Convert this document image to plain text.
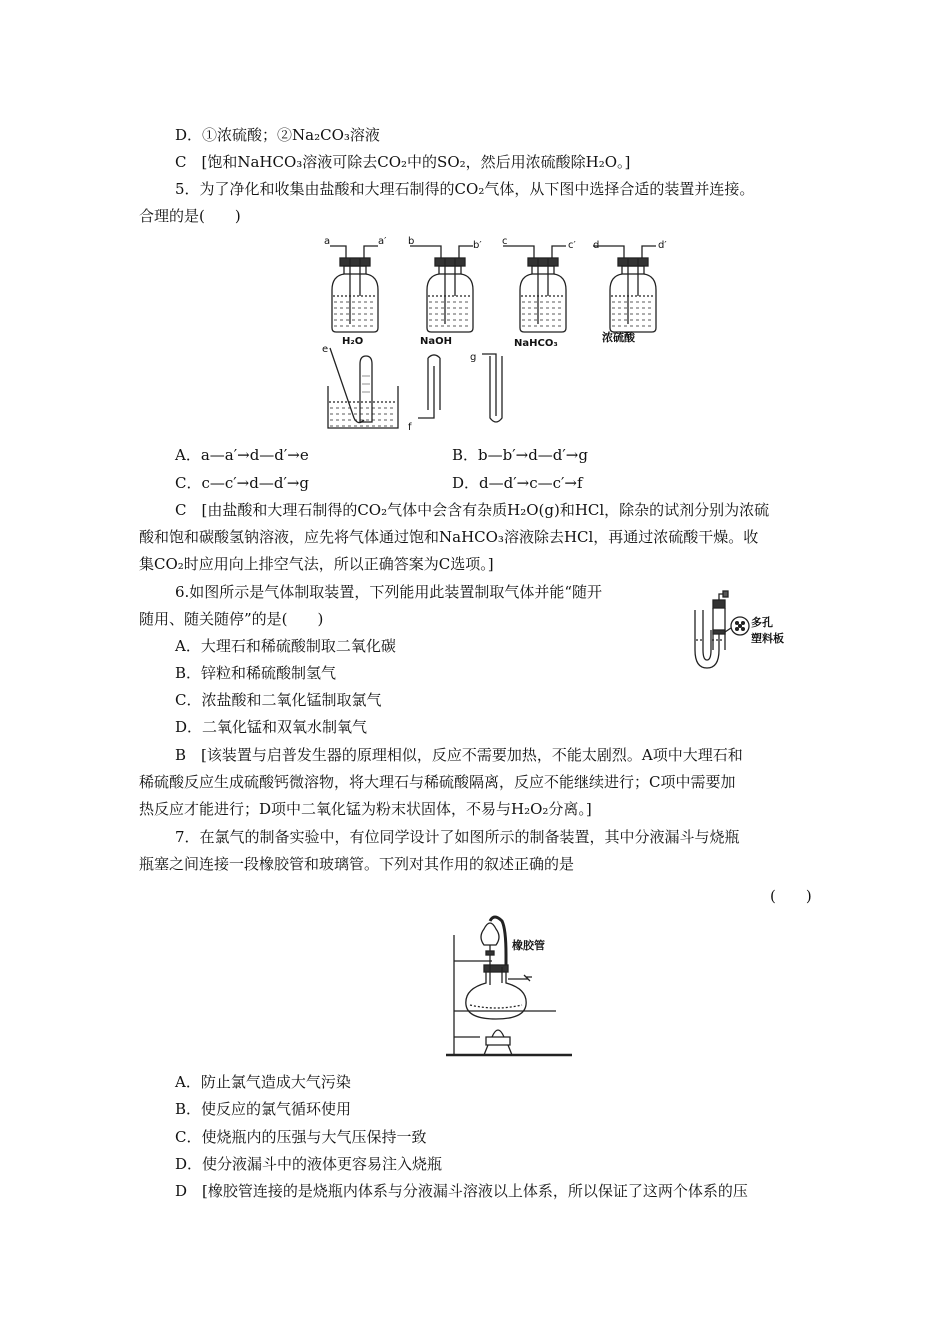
D．①浓硫酸；②Na₂CO₃溶液
C　[饱和NaHCO₃溶液可除去CO₂中的SO₂，然后用浓硫酸除H₂O。]
5．为了净化和收集由盐酸和大理石制得的CO₂气体，从下图中选择合适的装置并连接。
合理的是(　　)
a	a′
H₂O
b	b′
NaOH
c	c′
NaHCO₃
d	d′
浓硫酸
e
f
g
A．a—a′→d—d′→e	B．b—b′→d—d′→g
C．c—c′→d—d′→g	D．d—d′→c—c′→f
C　[由盐酸和大理石制得的CO₂气体中会含有杂质H₂O(g)和HCl，除杂的试剂分别为浓硫
酸和饱和碳酸氢钠溶液，应先将气体通过饱和NaHCO₃溶液除去HCl，再通过浓硫酸干燥。收
集CO₂时应用向上排空气法，所以正确答案为C选项。]
6.如图所示是气体制取装置，下列能用此装置制取气体并能“随开
随用、随关随停”的是(　　)	多孔
塑料板
A．大理石和稀硫酸制取二氧化碳
B．锌粒和稀硫酸制氢气
C．浓盐酸和二氧化锰制取氯气
D．二氧化锰和双氧水制氧气
B　[该装置与启普发生器的原理相似，反应不需要加热，不能太剧烈。A项中大理石和
稀硫酸反应生成硫酸钙微溶物，将大理石与稀硫酸隔离，反应不能继续进行；C项中需要加
热反应才能进行；D项中二氧化锰为粉末状固体，不易与H₂O₂分离。]
7．在氯气的制备实验中，有位同学设计了如图所示的制备装置，其中分液漏斗与烧瓶
瓶塞之间连接一段橡胶管和玻璃管。下列对其作用的叙述正确的是
(　　)
橡胶管
A．防止氯气造成大气污染
B．使反应的氯气循环使用
C．使烧瓶内的压强与大气压保持一致
D．使分液漏斗中的液体更容易注入烧瓶
D　[橡胶管连接的是烧瓶内体系与分液漏斗溶液以上体系，所以保证了这两个体系的压
